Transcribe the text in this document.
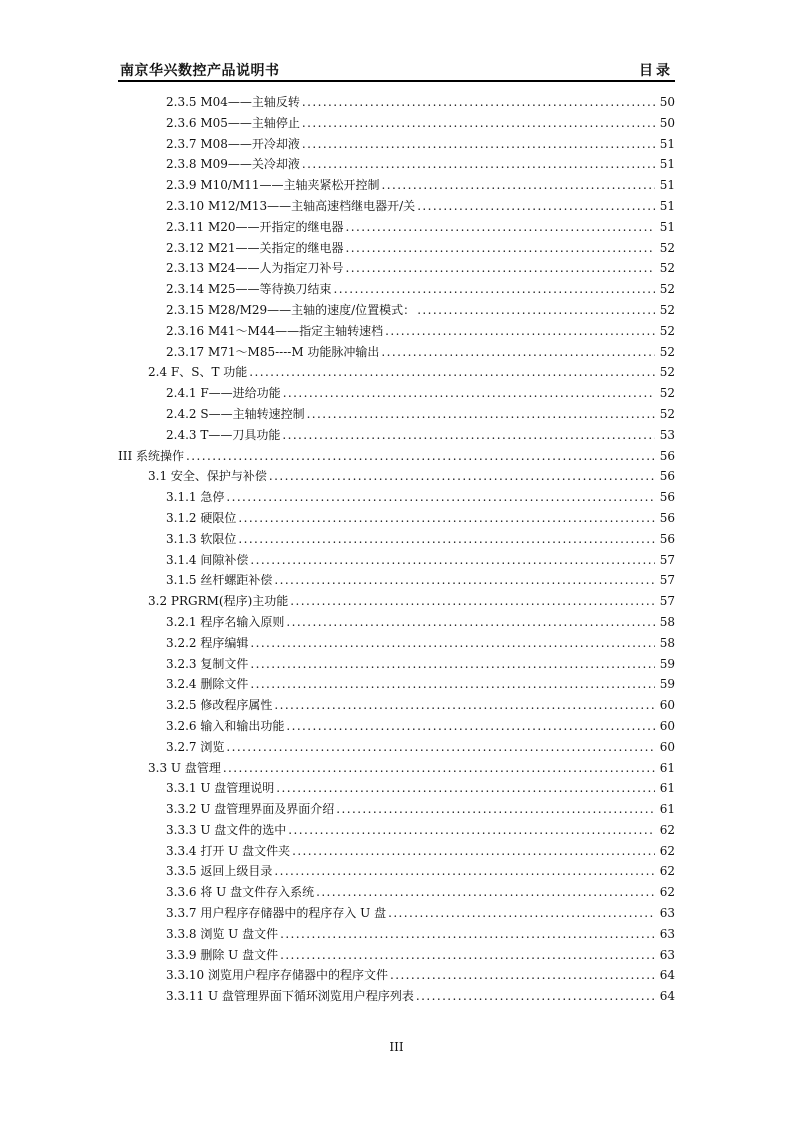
南京华兴数控产品说明书	目录
2.3.5 M04——主轴反转 . . .	50
2.3.6 M05——主轴停止 . . .	50
2.3.7 M08——开冷却液 . . .	51
2.3.8 M09——关冷却液 . . .	51
2.3.9 M10/M11——主轴夹紧松开控制 . . .	51
2.3.10 M12/M13——主轴高速档继电器开/关 . . .	51
2.3.11 M20——开指定的继电器 . . .	51
2.3.12 M21——关指定的继电器 . . .	52
2.3.13 M24——人为指定刀补号 . . .	52
2.3.14 M25——等待换刀结束 . . .	52
2.3.15 M28/M29——主轴的速度/位置模式： . . .	52
2.3.16 M41～M44——指定主轴转速档 . . .	52
2.3.17 M71～M85----M 功能脉冲输出 . . .	52
2.4 F、S、T 功能 . . .	52
2.4.1 F——进给功能 . . .	52
2.4.2 S——主轴转速控制 . . .	52
2.4.3 T——刀具功能 . . .	53
III 系统操作 . . .	56
3.1 安全、保护与补偿 . . .	56
3.1.1 急停 . . .	56
3.1.2 硬限位 . . .	56
3.1.3 软限位 . . .	56
3.1.4 间隙补偿 . . .	57
3.1.5 丝杆螺距补偿 . . .	57
3.2 PRGRM(程序)主功能 . . .	57
3.2.1 程序名输入原则 . . .	58
3.2.2 程序编辑 . . .	58
3.2.3 复制文件 . . .	59
3.2.4 删除文件 . . .	59
3.2.5 修改程序属性 . . .	60
3.2.6 输入和输出功能 . . .	60
3.2.7 浏览 . . .	60
3.3 U 盘管理 . . .	61
3.3.1 U 盘管理说明 . . .	61
3.3.2 U 盘管理界面及界面介绍 . . .	61
3.3.3 U 盘文件的选中 . . .	62
3.3.4 打开 U 盘文件夹 . . .	62
3.3.5 返回上级目录 . . .	62
3.3.6 将 U 盘文件存入系统 . . .	62
3.3.7 用户程序存储器中的程序存入 U 盘 . . .	63
3.3.8 浏览 U 盘文件 . . .	63
3.3.9 删除 U 盘文件 . . .	63
3.3.10 浏览用户程序存储器中的程序文件 . . .	64
3.3.11 U 盘管理界面下循环浏览用户程序列表 . . .	64
III
